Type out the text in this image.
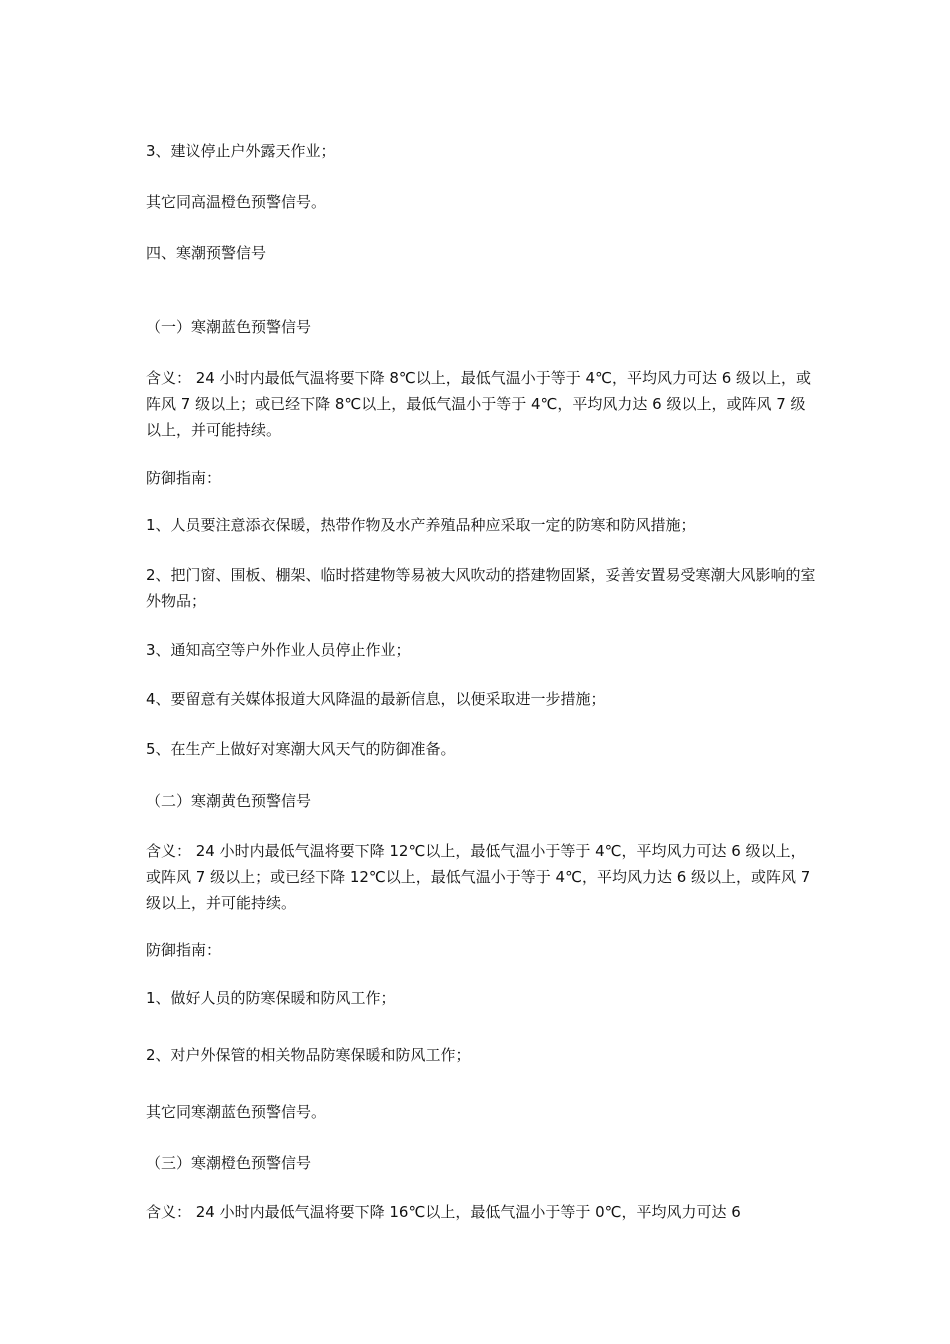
3、建议停止户外露天作业；

其它同高温橙色预警信号。

四、寒潮预警信号

（一）寒潮蓝色预警信号

含义： 24 小时内最低气温将要下降 8℃以上，最低气温小于等于 4℃，平均风力可达 6 级以上，或阵风 7 级以上；或已经下降 8℃以上，最低气温小于等于 4℃，平均风力达 6 级以上，或阵风 7 级以上，并可能持续。

防御指南：

1、人员要注意添衣保暖，热带作物及水产养殖品种应采取一定的防寒和防风措施；

2、把门窗、围板、棚架、临时搭建物等易被大风吹动的搭建物固紧，妥善安置易受寒潮大风影响的室外物品；

3、通知高空等户外作业人员停止作业；

4、要留意有关媒体报道大风降温的最新信息，以便采取进一步措施；

5、在生产上做好对寒潮大风天气的防御准备。

（二）寒潮黄色预警信号

含义： 24 小时内最低气温将要下降 12℃以上，最低气温小于等于 4℃，平均风力可达 6 级以上，或阵风 7 级以上；或已经下降 12℃以上，最低气温小于等于 4℃，平均风力达 6 级以上，或阵风 7 级以上，并可能持续。

防御指南：

1、做好人员的防寒保暖和防风工作；

2、对户外保管的相关物品防寒保暖和防风工作；

其它同寒潮蓝色预警信号。

（三）寒潮橙色预警信号

含义： 24 小时内最低气温将要下降 16℃以上，最低气温小于等于 0℃，平均风力可达 6
